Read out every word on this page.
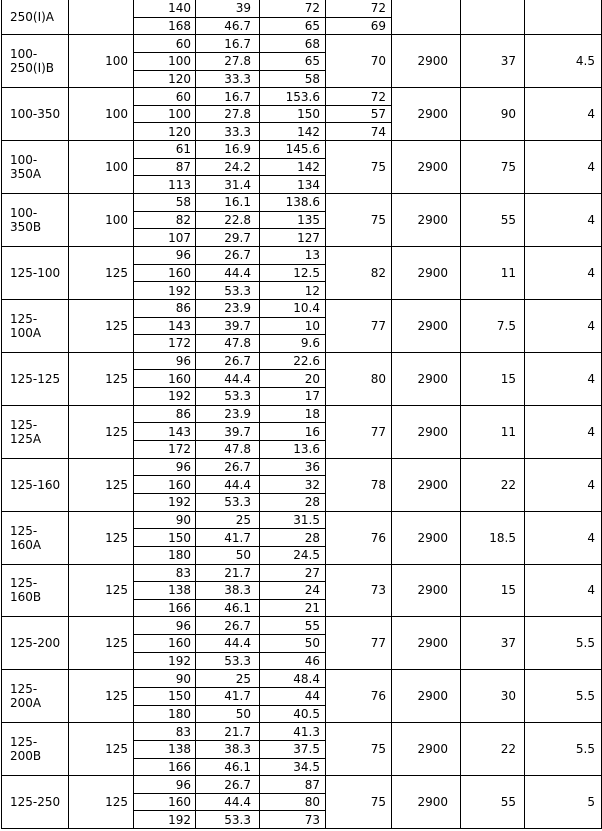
250(I)A		140	39	72	72			
		168	46.7	65	69			
100-250(I)B	100	60	16.7	68	70	2900	37	4.5
		100	27.8	65				
		120	33.3	58				
100-350	100	60	16.7	153.6	72	2900	90	4
		100	27.8	150	57			
		120	33.3	142	74			
100-350A	100	61	16.9	145.6	75	2900	75	4
		87	24.2	142				
		113	31.4	134				
100-350B	100	58	16.1	138.6	75	2900	55	4
		82	22.8	135				
		107	29.7	127				
125-100	125	96	26.7	13	82	2900	11	4
		160	44.4	12.5				
		192	53.3	12				
125-100A	125	86	23.9	10.4	77	2900	7.5	4
		143	39.7	10				
		172	47.8	9.6				
125-125	125	96	26.7	22.6	80	2900	15	4
		160	44.4	20				
		192	53.3	17				
125-125A	125	86	23.9	18	77	2900	11	4
		143	39.7	16				
		172	47.8	13.6				
125-160	125	96	26.7	36	78	2900	22	4
		160	44.4	32				
		192	53.3	28				
125-160A	125	90	25	31.5	76	2900	18.5	4
		150	41.7	28				
		180	50	24.5				
125-160B	125	83	21.7	27	73	2900	15	4
		138	38.3	24				
		166	46.1	21				
125-200	125	96	26.7	55	77	2900	37	5.5
		160	44.4	50				
		192	53.3	46				
125-200A	125	90	25	48.4	76	2900	30	5.5
		150	41.7	44				
		180	50	40.5				
125-200B	125	83	21.7	41.3	75	2900	22	5.5
		138	38.3	37.5				
		166	46.1	34.5				
125-250	125	96	26.7	87	75	2900	55	5
		160	44.4	80				
		192	53.3	73				
